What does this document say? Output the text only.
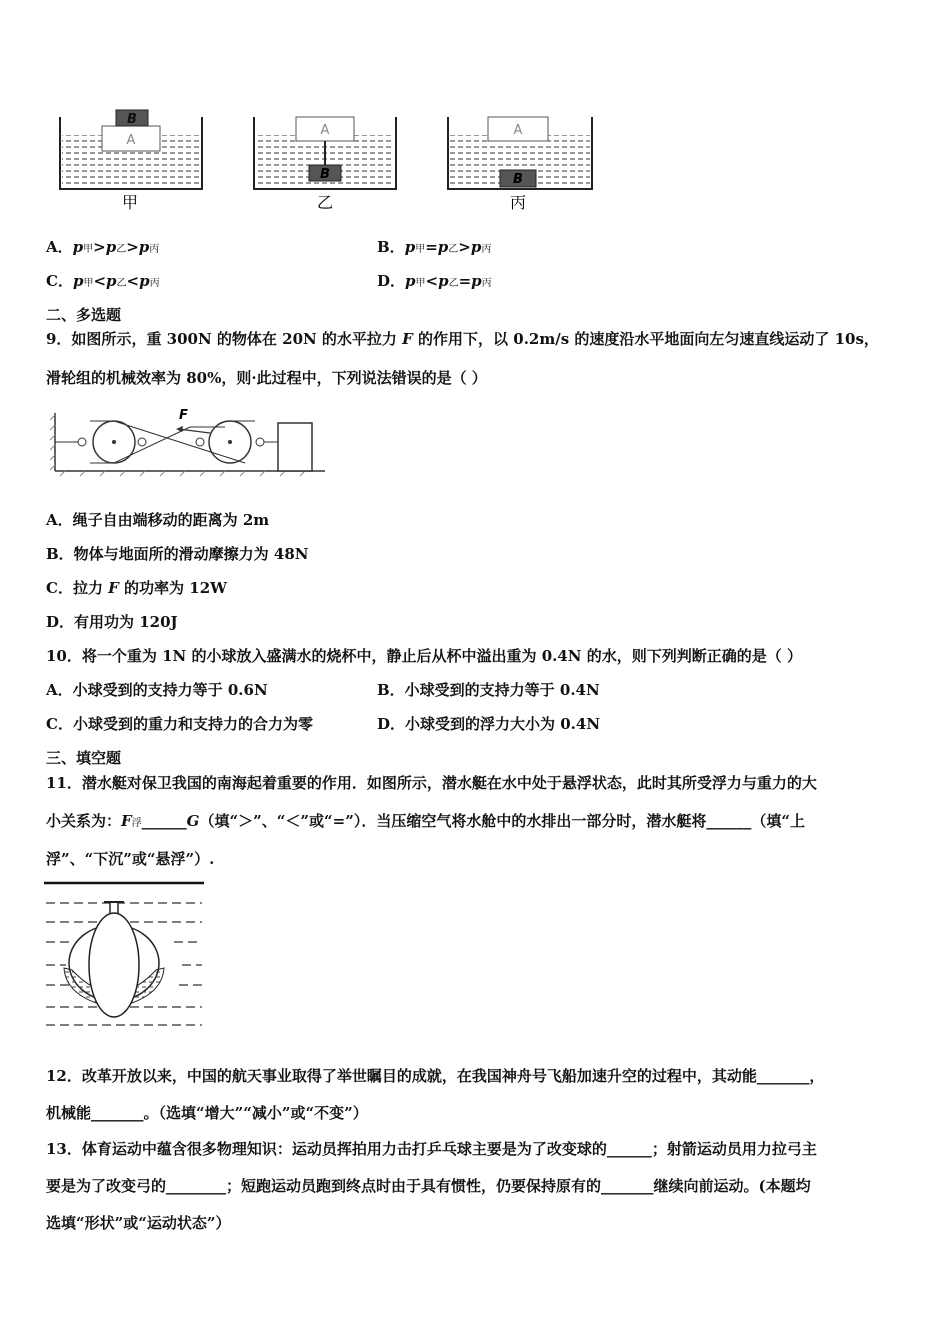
A
B
甲
A
B
乙
A
B
丙
A．p甲>p乙>p丙	B．p甲=p乙>p丙
C．p甲<p乙<p丙	D．p甲<p乙=p丙
二、多选题
9．如图所示，重 300N 的物体在 20N 的水平拉力 F 的作用下，以 0.2m/s 的速度沿水平地面向左匀速直线运动了 10s，
滑轮组的机械效率为 80%，则·此过程中，下列说法错误的是（ ）
F
A．绳子自由端移动的距离为 2m
B．物体与地面所的滑动摩擦力为 48N
C．拉力 F 的功率为 12W
D．有用功为 120J
10．将一个重为 1N 的小球放入盛满水的烧杯中，静止后从杯中溢出重为 0.4N 的水，则下列判断正确的是（ ）
A．小球受到的支持力等于 0.6N	B．小球受到的支持力等于 0.4N
C．小球受到的重力和支持力的合力为零	D．小球受到的浮力大小为 0.4N
三、填空题
11．潜水艇对保卫我国的南海起着重要的作用．如图所示，潜水艇在水中处于悬浮状态，此时其所受浮力与重力的大
小关系为：F浮______G（填“＞”、“＜”或“=”）．当压缩空气将水舱中的水排出一部分时，潜水艇将______（填“上
浮”、“下沉”或“悬浮”）.
12．改革开放以来，中国的航天事业取得了举世瞩目的成就，在我国神舟号飞船加速升空的过程中，其动能_______，
机械能_______。（选填“增大”“减小”或“不变”）
13．体育运动中蕴含很多物理知识：运动员挥拍用力击打乒乓球主要是为了改变球的______；射箭运动员用力拉弓主
要是为了改变弓的________；短跑运动员跑到终点时由于具有惯性，仍要保持原有的_______继续向前运动。(本题均
选填“形状”或“运动状态”）
